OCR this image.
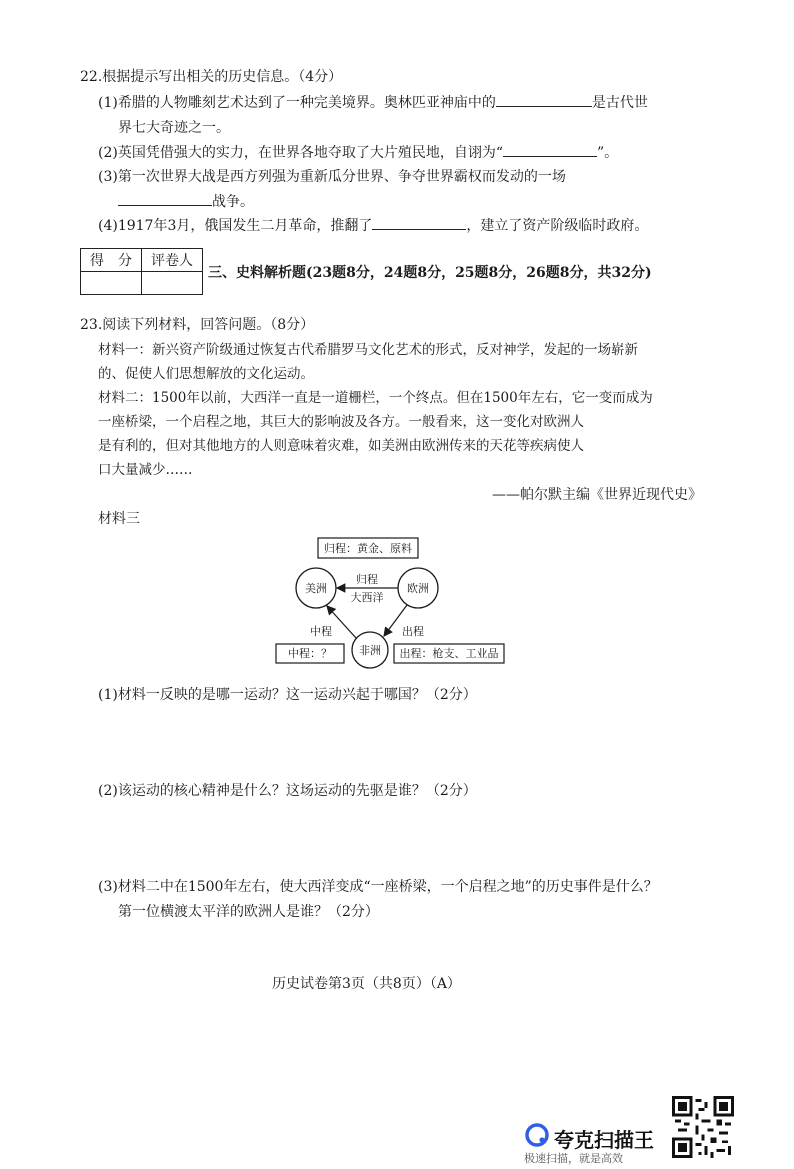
22.根据提示写出相关的历史信息。（4分）
(1)希腊的人物雕刻艺术达到了一种完美境界。奥林匹亚神庙中的	是古代世
界七大奇迹之一。
(2)英国凭借强大的实力，在世界各地夺取了大片殖民地，自诩为“	”。
(3)第一次世界大战是西方列强为重新瓜分世界、争夺世界霸权而发动的一场
战争。
(4)1917年3月，俄国发生二月革命，推翻了	，建立了资产阶级临时政府。
得　分	评卷人

三、史料解析题(23题8分，24题8分，25题8分，26题8分，共32分)
23.阅读下列材料，回答问题。（8分）
材料一：新兴资产阶级通过恢复古代希腊罗马文化艺术的形式，反对神学，发起的一场崭新
的、促使人们思想解放的文化运动。
材料二：1500年以前，大西洋一直是一道栅栏，一个终点。但在1500年左右，它一变而成为
一座桥梁，一个启程之地，其巨大的影响波及各方。一般看来，这一变化对欧洲人
是有利的，但对其他地方的人则意味着灾难，如美洲由欧洲传来的天花等疾病使人
口大量减少……
——帕尔默主编《世界近现代史》
材料三
归程：黄金、原料
美洲	欧洲
非洲
归程
大西洋
出程
中程
中程：？	出程：枪支、工业品
(1)材料一反映的是哪一运动？这一运动兴起于哪国？（2分）
(2)该运动的核心精神是什么？这场运动的先驱是谁？（2分）
(3)材料二中在1500年左右，使大西洋变成“一座桥梁，一个启程之地”的历史事件是什么？
第一位横渡太平洋的欧洲人是谁？（2分）
历史试卷第3页（共8页）（A）
夸克扫描王
极速扫描，就是高效
